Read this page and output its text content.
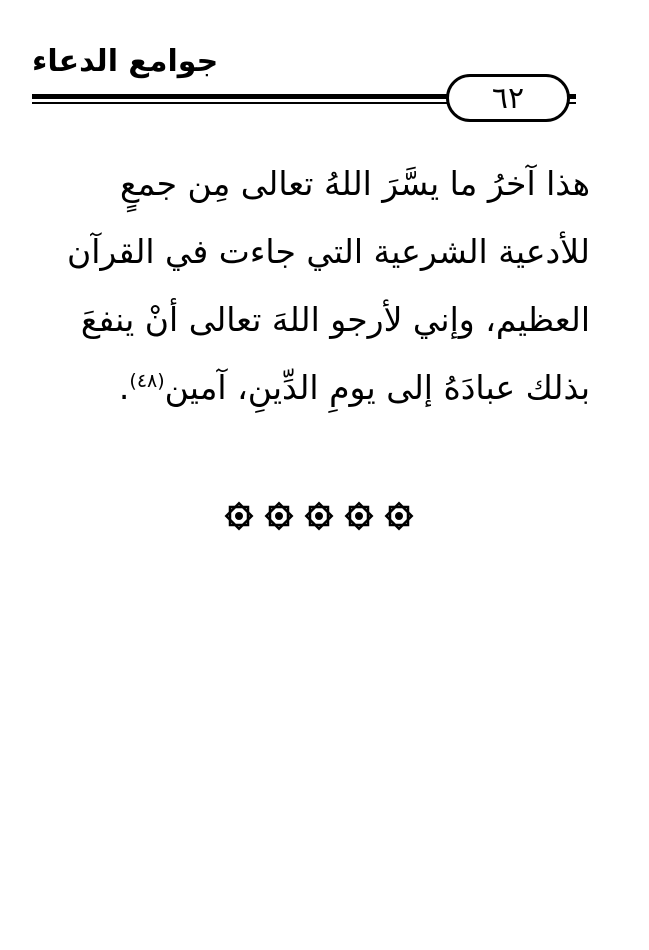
جوامع الدعاء
٦٢
هذا آخرُ ما يسَّرَ اللهُ تعالى مِن جمعٍ
للأدعية الشرعية التي جاءت في القرآن
العظيم، وإني لأرجو اللهَ تعالى أنْ ينفعَ
بذلك عبادَهُ إلى يومِ الدِّينِ، آمين$^{(٤٨)}$.
